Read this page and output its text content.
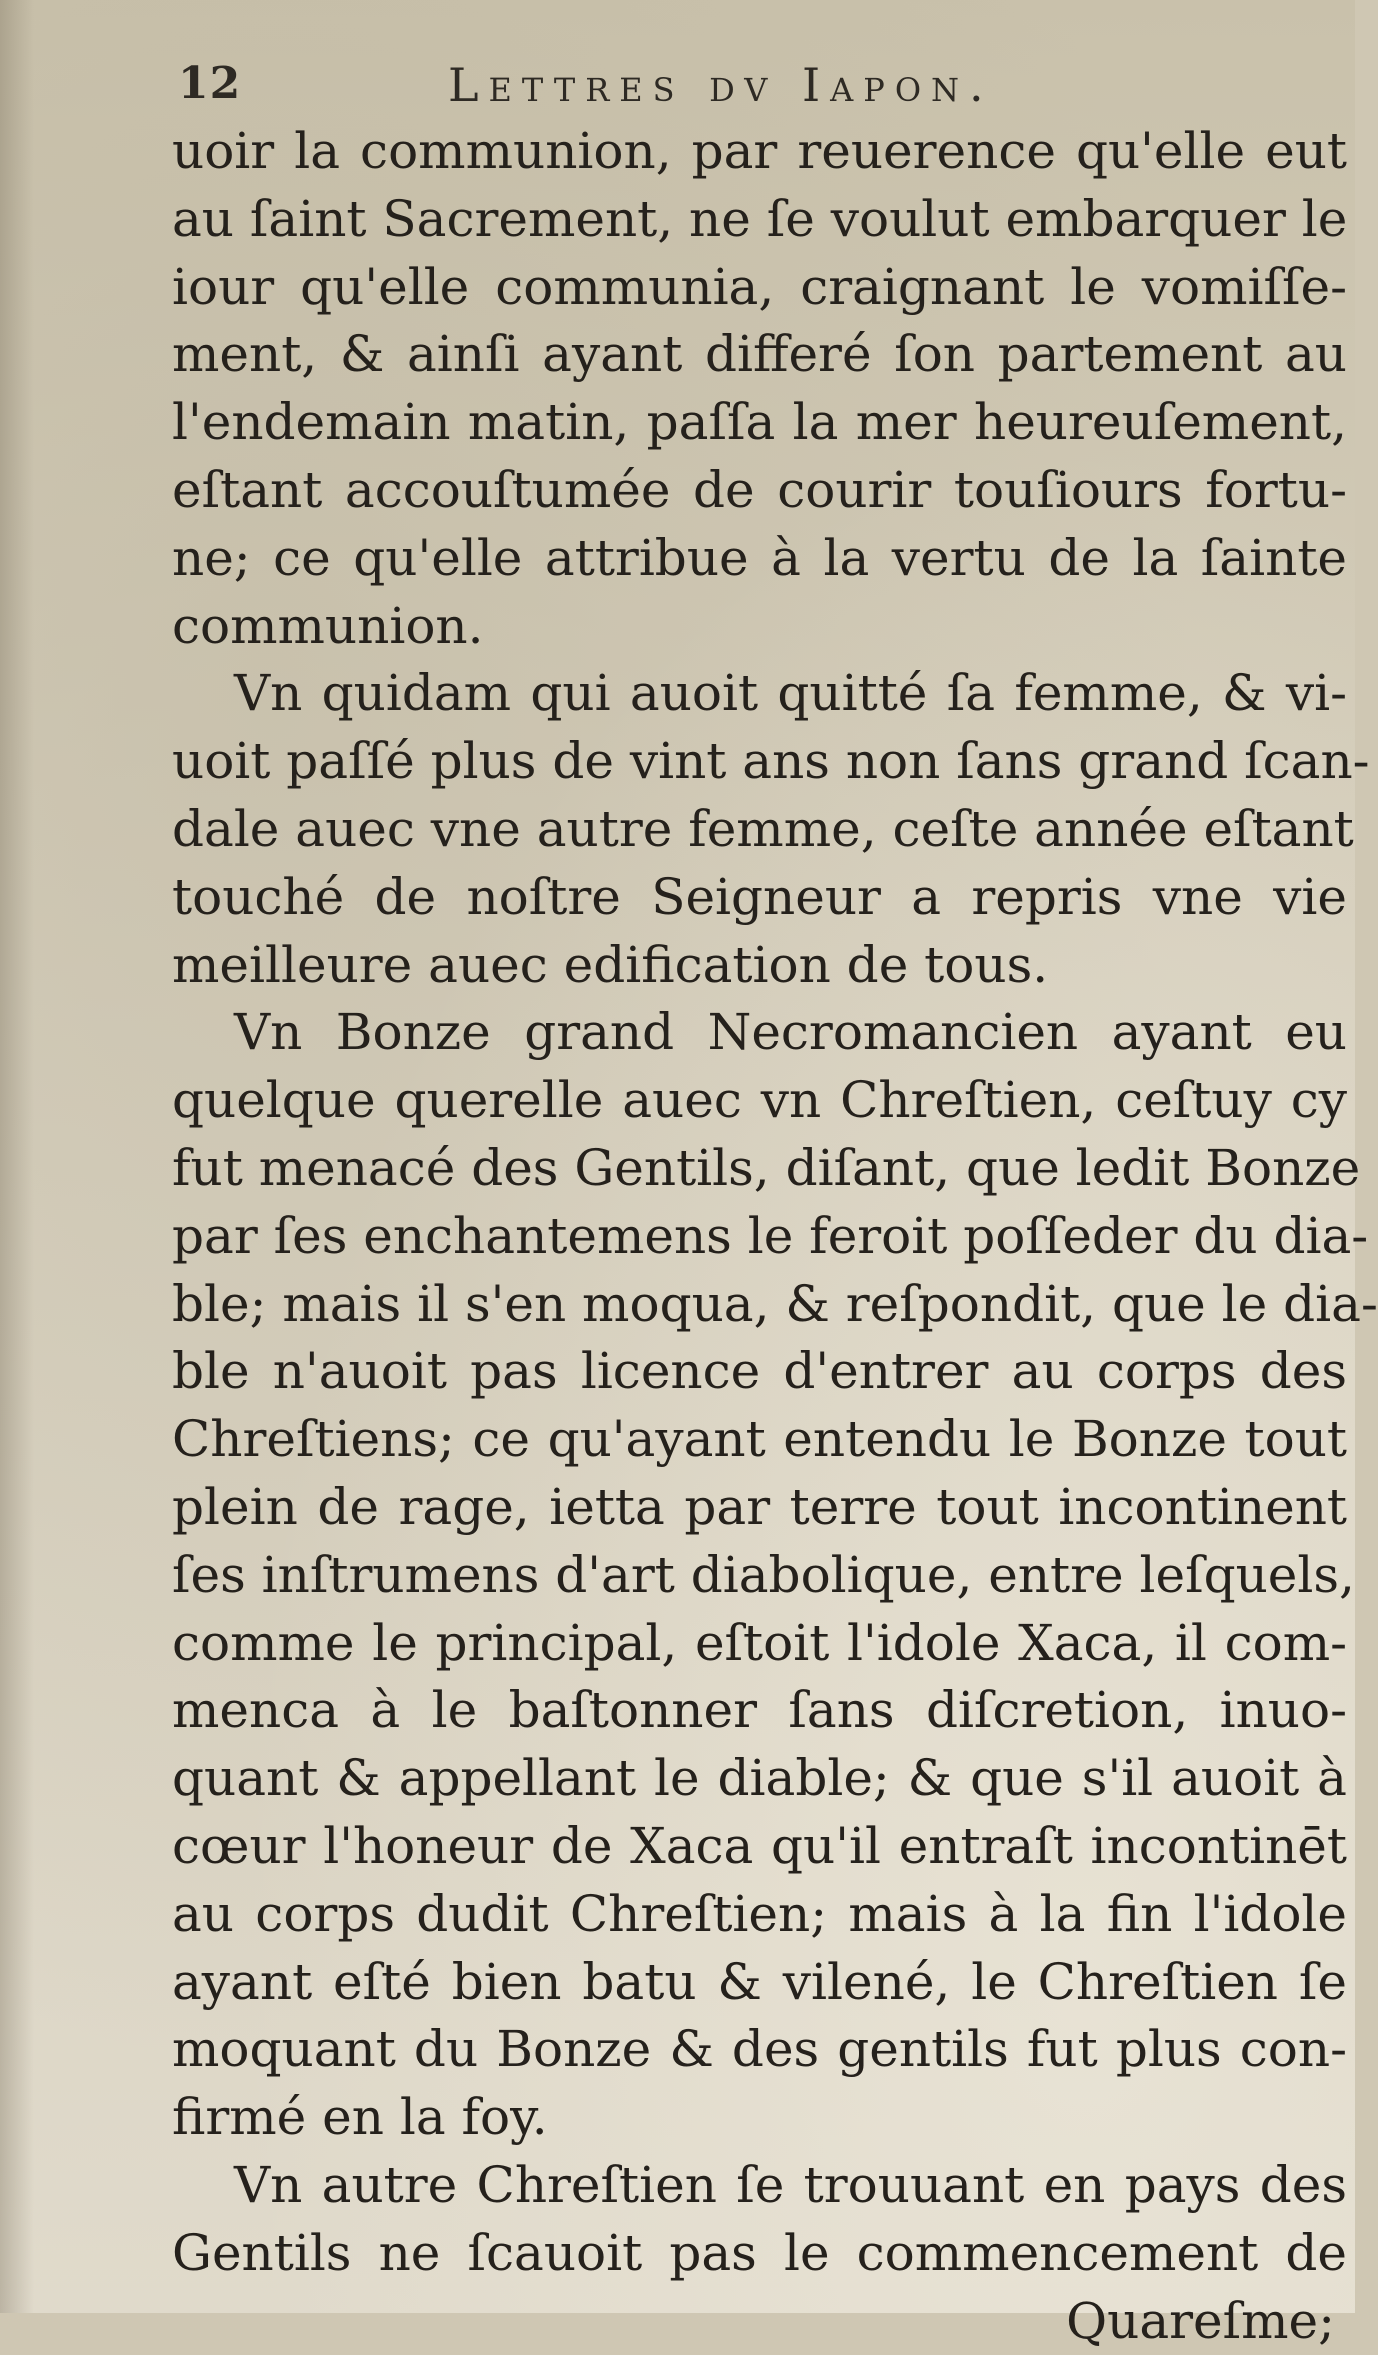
12	Lettres dv Iapon.
uoir la communion, par reuerence qu'elle eut
au ſaint Sacrement, ne ſe voulut embarquer le
iour qu'elle communia, craignant le vomiſſe-
ment, & ainſi ayant differé ſon partement au
l'endemain matin, paſſa la mer heureuſement,
eſtant accouſtumée de courir touſiours fortu-
ne; ce qu'elle attribue à la vertu de la ſainte
communion.
Vn quidam qui auoit quitté ſa femme, & vi-
uoit paſſé plus de vint ans non ſans grand ſcan-
dale auec vne autre femme, ceſte année eſtant
touché de noſtre Seigneur a repris vne vie
meilleure auec edification de tous.
Vn Bonze grand Necromancien ayant eu
quelque querelle auec vn Chreſtien, ceſtuy cy
fut menacé des Gentils, diſant, que ledit Bonze
par ſes enchantemens le feroit poſſeder du dia-
ble; mais il s'en moqua, & reſpondit, que le dia-
ble n'auoit pas licence d'entrer au corps des
Chreſtiens; ce qu'ayant entendu le Bonze tout
plein de rage, ietta par terre tout incontinent
ſes inſtrumens d'art diabolique, entre leſquels,
comme le principal, eſtoit l'idole Xaca, il com-
menca à le baſtonner ſans diſcretion, inuo-
quant & appellant le diable; & que s'il auoit à
cœur l'honeur de Xaca qu'il entraſt incontinēt
au corps dudit Chreſtien; mais à la fin l'idole
ayant eſté bien batu & vilené, le Chreſtien ſe
moquant du Bonze & des gentils fut plus con-
firmé en la foy.
Vn autre Chreſtien ſe trouuant en pays des
Gentils ne ſcauoit pas le commencement de
Quareſme;
